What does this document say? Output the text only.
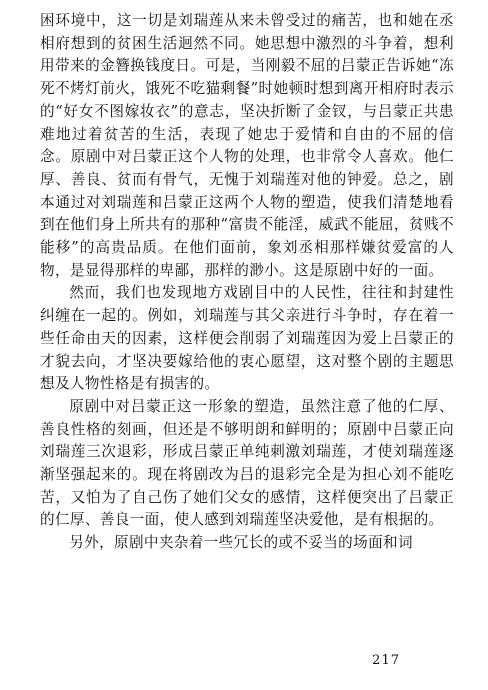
困环境中，这一切是刘瑞莲从来未曾受过的痛苦，也和她在丞相府想到的贫困生活迥然不同。她思想中激烈的斗争着，想利用带来的金簪换钱度日。可是，当刚毅不屈的吕蒙正告诉她“冻死不烤灯前火，饿死不吃猫剩餐”时她顿时想到离开相府时表示的“好女不图嫁妆衣”的意志，坚决折断了金钗，与吕蒙正共患难地过着贫苦的生活，表现了她忠于爱情和自由的不屈的信念。原剧中对吕蒙正这个人物的处理，也非常令人喜欢。他仁厚、善良、贫而有骨气，无愧于刘瑞莲对他的钟爱。总之，剧本通过对刘瑞莲和吕蒙正这两个人物的塑造，使我们清楚地看到在他们身上所共有的那种“富贵不能淫，威武不能屈，贫贱不能移”的高贵品质。在他们面前，象刘丞相那样嫌贫爱富的人物，是显得那样的卑鄙，那样的渺小。这是原剧中好的一面。

然而，我们也发现地方戏剧目中的人民性，往往和封建性纠缠在一起的。例如，刘瑞莲与其父亲进行斗争时，存在着一些任命由天的因素，这样便会削弱了刘瑞莲因为爱上吕蒙正的才貌去向，才坚决要嫁给他的衷心愿望，这对整个剧的主题思想及人物性格是有损害的。

原剧中对吕蒙正这一形象的塑造，虽然注意了他的仁厚、善良性格的刻画，但还是不够明朗和鲜明的；原剧中吕蒙正向刘瑞莲三次退彩，形成吕蒙正单纯刺激刘瑞莲，才使刘瑞莲逐渐坚强起来的。现在将剧改为吕的退彩完全是为担心刘不能吃苦，又怕为了自己伤了她们父女的感情，这样便突出了吕蒙正的仁厚、善良一面，使人感到刘瑞莲坚决爱他，是有根据的。

另外，原剧中夹杂着一些冗长的或不妥当的场面和词

217
